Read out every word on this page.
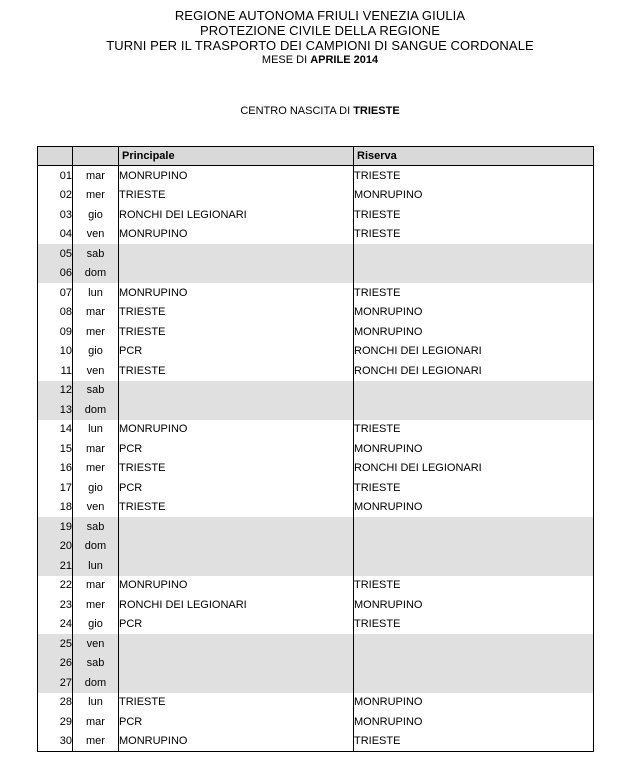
REGIONE AUTONOMA FRIULI VENEZIA GIULIA
PROTEZIONE CIVILE DELLA REGIONE
TURNI PER IL TRASPORTO DEI CAMPIONI DI SANGUE CORDONALE
MESE DI APRILE 2014
CENTRO NASCITA DI TRIESTE
		Principale	Riserva
01	mar	MONRUPINO	TRIESTE
02	mer	TRIESTE	MONRUPINO
03	gio	RONCHI DEI LEGIONARI	TRIESTE
04	ven	MONRUPINO	TRIESTE
05	sab		
06	dom		
07	lun	MONRUPINO	TRIESTE
08	mar	TRIESTE	MONRUPINO
09	mer	TRIESTE	MONRUPINO
10	gio	PCR	RONCHI DEI LEGIONARI
11	ven	TRIESTE	RONCHI DEI LEGIONARI
12	sab		
13	dom		
14	lun	MONRUPINO	TRIESTE
15	mar	PCR	MONRUPINO
16	mer	TRIESTE	RONCHI DEI LEGIONARI
17	gio	PCR	TRIESTE
18	ven	TRIESTE	MONRUPINO
19	sab		
20	dom		
21	lun		
22	mar	MONRUPINO	TRIESTE
23	mer	RONCHI DEI LEGIONARI	MONRUPINO
24	gio	PCR	TRIESTE
25	ven		
26	sab		
27	dom		
28	lun	TRIESTE	MONRUPINO
29	mar	PCR	MONRUPINO
30	mer	MONRUPINO	TRIESTE
